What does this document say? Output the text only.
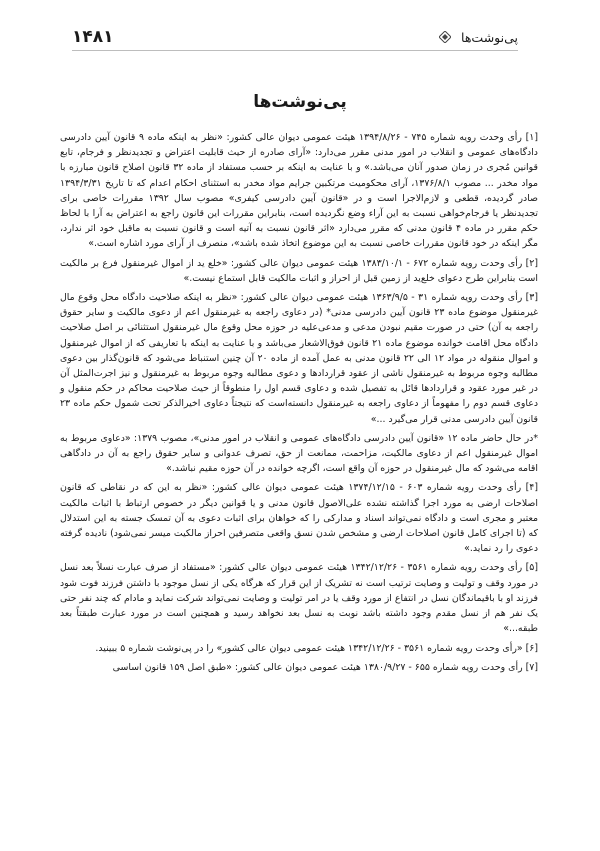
پی‌نوشت‌ها
۱۴۸۱
پی‌نوشت‌ها

[۱] رأی وحدت رویه شماره ۷۴۵ - ۱۳۹۴/۸/۲۶ هیئت عمومی دیوان عالی کشور: «نظر به اینکه ماده ۹ قانون آیین دادرسی دادگاه‌های عمومی و انقلاب در امور مدنی مقرر می‌دارد: «آرای صادره از حیث قابلیت اعتراض و تجدیدنظر و فرجام، تابع قوانین مُجری در زمان صدور آنان می‌باشد.» و با عنایت به اینکه بر حسب مستفاد از ماده ۳۲ قانون اصلاح قانون مبارزه با مواد مخدر ... مصوب ۱۳۷۶/۸/۱، آرای محکومیت مرتکبین جرایم مواد مخدر به استثنای احکام اعدام که تا تاریخ ۱۳۹۴/۳/۳۱ صادر گردیده، قطعی و لازم‌الاجرا است و در «قانون آیین دادرسی کیفری» مصوب سال ۱۳۹۲ مقررات خاصی برای تجدیدنظر یا فرجام‌خواهی نسبت به این آراء وضع نگردیده است، بنابراین مقررات این قانون راجع به اعتراض به آرا با لحاظ حکم مقرر در ماده ۴ قانون مدنی که مقرر می‌دارد «اثر قانون نسبت به آتیه است و قانون نسبت به ماقبل خود اثر ندارد، مگر اینکه در خود قانون مقررات خاصی نسبت به این موضوع اتخاذ شده باشد»، منصرف از آرای مورد اشاره است.»

[۲] رأی وحدت رویه شماره ۶۷۲ - ۱۳۸۳/۱۰/۱ هیئت عمومی دیوان عالی کشور: «خلع ید از اموال غیرمنقول فرع بر مالکیت است بنابراین طرح دعوای خلع‌ید از زمین قبل از احراز و اثبات مالکیت قابل استماع نیست.»

[۳] رأی وحدت رویه شماره ۳۱ - ۱۳۶۳/۹/۵ هیئت عمومی دیوان عالی کشور: «نظر به اینکه صلاحیت دادگاه محل وقوع مال غیرمنقول موضوع ماده ۲۳ قانون آیین دادرسی مدنی* (در دعاوی راجعه به غیرمنقول اعم از دعوی مالکیت و سایر حقوق راجعه به آن) حتی در صورت مقیم نبودن مدعی و مدعی‌علیه در حوزه محل وقوع مال غیرمنقول استثنائی بر اصل صلاحیت دادگاه محل اقامت خوانده موضوع ماده ۲۱ قانون فوق‌الاشعار می‌باشد و با عنایت به اینکه با تعاریفی که از اموال غیرمنقول و اموال منقوله در مواد ۱۲ الی ۲۲ قانون مدنی به عمل آمده از ماده ۲۰ آن چنین استنباط می‌شود که قانون‌گذار بین دعوی مطالبه وجوه مربوط به غیرمنقول ناشی از عقود قراردادها و دعوی مطالبه وجوه مربوط به غیرمنقول و نیز اجرت‌المثل آن در غیر مورد عقود و قراردادها قائل به تفصیل شده و دعاوی قسم اول را منطوقاً از حیث صلاحیت محاکم در حکم منقول و دعاوی قسم دوم را مفهوماً از دعاوی راجعه به غیرمنقول دانسته‌است که نتیجتاً دعاوی اخیرالذکر تحت شمول حکم ماده ۲۳ قانون آیین دادرسی مدنی قرار می‌گیرد ...»

*در حال حاضر ماده ۱۲ «قانون آیین دادرسی دادگاه‌های عمومی و انقلاب در امور مدنی»، مصوب ۱۳۷۹: «دعاوی مربوط به اموال غیرمنقول اعم از دعاوی مالکیت، مزاحمت، ممانعت از حق، تصرف عدوانی و سایر حقوق راجع به آن در دادگاهی اقامه می‌شود که مال غیرمنقول در حوزه آن واقع است، اگرچه خوانده در آن حوزه مقیم نباشد.»

[۴] رأی وحدت رویه شماره ۶۰۳ - ۱۳۷۴/۱۲/۱۵ هیئت عمومی دیوان عالی کشور: «نظر به این که در نقاطی که قانون اصلاحات ارضی به مورد اجرا گذاشته نشده علی‌الاصول قانون مدنی و یا قوانین دیگر در خصوص ارتباط با اثبات مالکیت معتبر و مجری است و دادگاه نمی‌تواند اسناد و مدارکی را که خواهان برای اثبات دعوی به آن تمسک جسته به این استدلال که (تا اجرای کامل قانون اصلاحات ارضی و مشخص شدن نسق واقعی متصرفین احراز مالکیت میسر نمی‌شود) نادیده گرفته دعوی را رد نماید.»

[۵] رأی وحدت رویه شماره ۳۵۶۱ - ۱۳۴۲/۱۲/۲۶ هیئت عمومی دیوان عالی کشور: «مستفاد از صرف عبارت نسلاً بعد نسل در مورد وقف و تولیت و وصایت ترتیب است نه تشریک از این قرار که هرگاه یکی از نسل موجود با داشتن فرزند فوت شود فرزند او با باقیماندگان نسل در انتفاع از مورد وقف یا در امر تولیت و وصایت نمی‌تواند شرکت نماید و مادام که چند نفر حتی یک نفر هم از نسل مقدم وجود داشته باشد نوبت به نسل بعد نخواهد رسید و همچنین است در مورد عبارت طبقتاً بعد طبقه...»

[۶] «رأی وحدت رویه شماره ۳۵۶۱ - ۱۳۴۲/۱۲/۲۶ هیئت عمومی دیوان عالی کشور» را در پی‌نوشت شماره ۵ ببینید.

[۷] رأی وحدت رویه شماره ۶۵۵ - ۱۳۸۰/۹/۲۷ هیئت عمومی دیوان عالی کشور: «طبق اصل ۱۵۹ قانون اساسی
